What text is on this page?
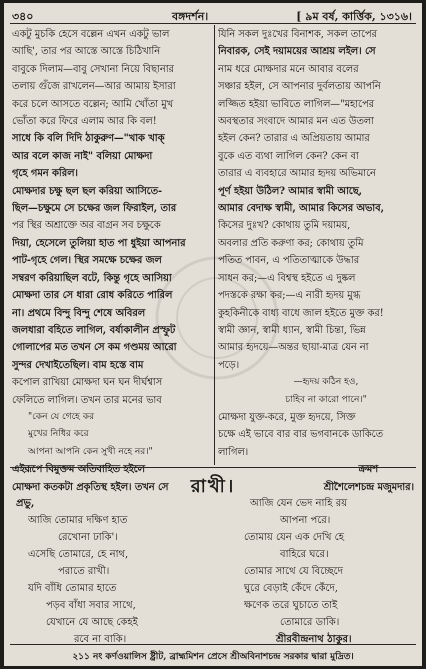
৩৪০	বঙ্গদর্শন।	[ ৯ম বর্ষ, কার্ত্তিক, ১৩১৬।
একটু মুচকি হেসে বল্লেন এখন একটু ভাল
আছি', তার পর আস্তে আস্তে চিঠিখানি
বাবুকে দিলাম—বাবু সেখানা নিয়ে বিছানার
তলায় গুঁজে রাখলেন—আর আমায় ইসারা
করে চলে আসতে বল্লেন; আমি খোঁতা মুখ
ভোঁতা করে ফিরে এলাম আর কি বল!
সাধে কি বলি দিদি ঠাকুরুণ—"খাক খাক্
আর বলে কাজ নাই" বলিয়া মোক্ষদা
গৃহে গমন করিল।
মোক্ষদার চক্ষু ছল ছল করিয়া আসিতে-
ছিল—চক্ষুমে সে চক্ষের জল ফিরাইল, তার
পর স্থির অশ্রাক্তে অর বাগ্রন সব চক্ষুকে
দিয়া, হেসেলে তুলিয়া হাত পা ধুইয়া আপনার
পাট-গৃহে গেল। স্থির সমক্ষে চক্ষের জল
সম্বরণ করিয়াছিল বটে, কিন্তু গৃহে আসিয়া
মোক্ষদা তার সে ধারা রোধ করিতে পারিল
না। প্রথমে বিন্দু বিন্দু শেষে অবিরল
জলধারা বহিতে লাগিল, বর্ষাকালীন প্রস্ফুট
গোলাপের মত তখন সে কম গণ্ডময় আরো
সুন্দর দেখাইতেছিল। বাম হস্তে বাম
কপোল রাখিয়া মোক্ষদা ঘন ঘন দীর্ঘশ্বাস
ফেলিতে লাগিল। তখন তার মনের ভাব
"কেন যে গেহে কর
মুখের নিধির করে
আপনা আপনি কেন সুখী নহে নর।"
এইরূপে বিমুক্তম অতিবাহিত হইলে
মোক্ষদা কতকটা প্রকৃতিস্থ হইল। তখন সে
যিনি সকল দুঃখের বিনাশক, সকল তাপের
নিবারক, সেই দয়াময়ের আশ্রয় লইল। সে
নাম ধরে মোক্ষদার মনে আবার বলের
সঞ্চার হইল, সে আপনার দুর্বলতায় আপনি
লজ্জিত হইয়া ভাবিতে লাগিল—"মহাপের
অবস্থতার সংবাদে আমার মন এত উতলা
হইল কেন? তারার এ অপ্রিয়তায় আমার
বুকে এত ব্যথা লাগিল কেন? কেন বা
তারার এ ব্যবহারে আমার হৃদয় অভিমানে
পূর্ণ হইয়া উঠিল? আমার স্বামী আছে,
আমার বেদাক্ষ স্বামী, আমার কিসের অভাব,
কিসের দুঃখ? কোথায় তুমি দয়াময়,
অবলার প্রতি করুণা কর; কোথায় তুমি
পতিত পাবন, এ পতিতাত্মাকে উদ্ধার
সাধন কর;—এ বিশ্বস্থ হইতে এ দুষ্কল
পদস্তকে রক্ষা কর;—এ নারী হৃদয় মুগ্ধ
কুহকিনীকে বাধ্য বাধে জাল হইতে মুক্ত কর!
স্বামী জ্ঞান, স্বামী ধ্যান, স্বামী চিন্তা, ভিন্ন
আমার হৃদয়ে—অন্তর ছায়া-মাত্র যেন না
পড়ে।
—হৃদয় কঠিন হও,
চাহিব না কারো পানে।"
মোক্ষদা যুক্ত-করে, মুক্ত হৃদয়ে, সিক্ত
চক্ষে এই ভাবে বার বার ভগবানকে ডাকিতে
লাগিল।
ক্রমশ
শ্রীশৈলেশচন্দ্র মজুমদার।
রাখী।
প্রভু,
আজি তোমার দক্ষিণ হাত
রেখোনা ঢাকি'।
এসেছি তোমারে, হে নাথ,
পরাতে রাখী।
যদি বাঁধি তোমার হাতে
পড়ব বাঁধা সবার সাথে,
যেখানে যে আছে কেহই
রবে না বাকি।
আজি যেন ভেদ নাহি রয়
আপনা পরে।
তোমায় যেন এক দেখি হে
বাহিরে ঘরে।
তোমার সাথে যে বিচ্ছেদে
ঘুরে বেড়াই কেঁদে কেঁদে,
ক্ষণেক তরে ঘুচাতে তাই
তোমারে ডাকি।
শ্রীরবীন্দ্রনাথ ঠাকুর।
২১১ নং কর্ণওয়ালিস ষ্ট্রীট, ব্রাহ্মমিশন প্রেসে শ্রীঅবিনাশচন্দ্র সরকার দ্বারা মুদ্রিত।
